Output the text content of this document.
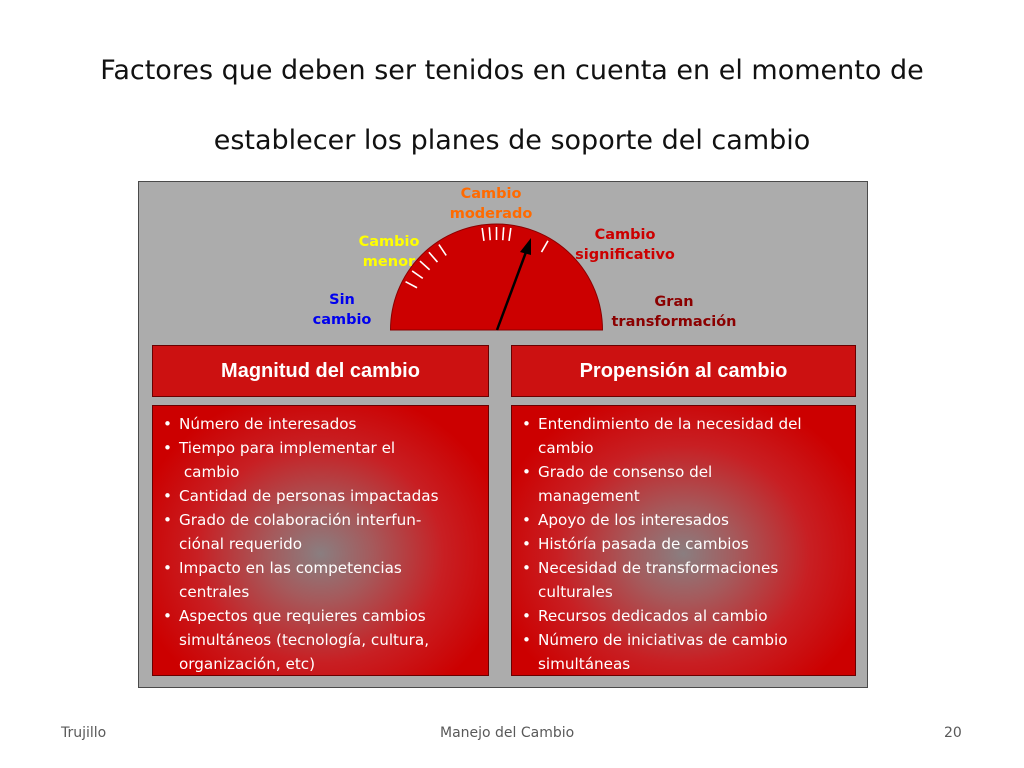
Factores que deben ser tenidos en cuenta en el momento de
establecer los planes de soporte del cambio
Sin
cambio
Cambio
menor
Cambio
moderado
Cambio
significativo
Gran
transformación
Magnitud del cambio	Propensión al cambio
• Número de interesados
• Tiempo para implementar el
cambio
• Cantidad de personas impactadas
• Grado de colaboración interfun-
ciónal requerido
• Impacto en las competencias
centrales
• Aspectos que requieres cambios
simultáneos (tecnología, cultura,
organización, etc)
• Entendimiento de la necesidad del
cambio
• Grado de consenso del
management
• Apoyo de los interesados
• Históría pasada de cambios
• Necesidad de transformaciones
culturales
• Recursos dedicados al cambio
• Número de iniciativas de cambio
simultáneas
Trujillo	Manejo del Cambio	20
